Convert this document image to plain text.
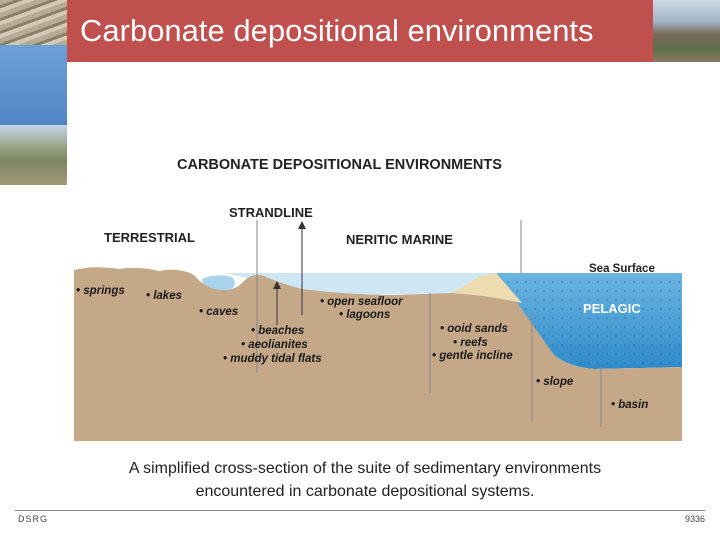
Carbonate depositional environments
CARBONATE DEPOSITIONAL ENVIRONMENTS
STRANDLINE
TERRESTRIAL	NERITIC MARINE
Sea Surface
PELAGIC
• springs • lakes
• caves
• open seafloor
• lagoons
• beaches
• aeolianites
• muddy tidal flats
• ooid sands
• reefs
• gentle incline
• slope
• basin
A simplified cross-section of the suite of sedimentary environments
encountered in carbonate depositional systems.
DSRG	9336
